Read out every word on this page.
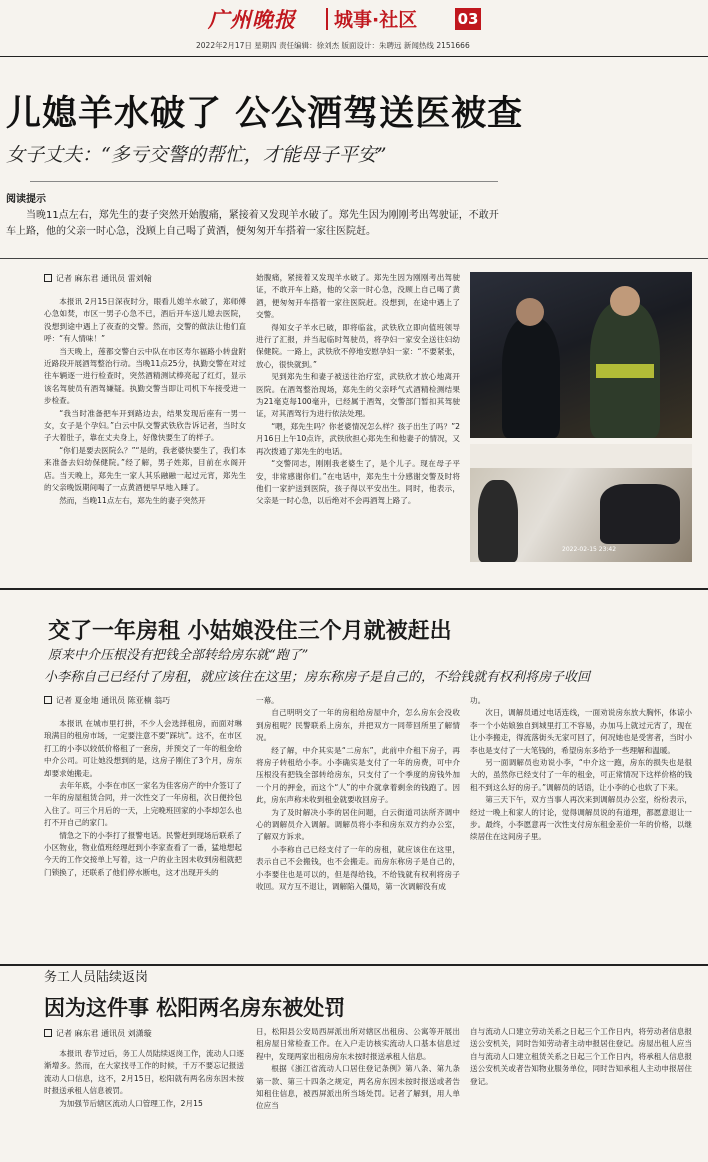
广州晚报 城事·社区	03
2022年2月17日 星期四 责任编辑：徐刘杰 版面设计：朱聘远 新闻热线 2151666
儿媳羊水破了 公公酒驾送医被查
女子丈夫：“多亏交警的帮忙，才能母子平安”
阅读提示
当晚11点左右，郑先生的妻子突然开始腹痛，紧接着又发现羊水破了。郑先生因为刚刚考出驾驶证，不敢开车上路，他的父亲一时心急，没顾上自己喝了黄酒，便匆匆开车搭着一家往医院赶。
记者 麻东君 通讯员 雷刘翰

本报讯 2月15日深夜时分，眼看儿媳羊水破了，郑师傅心急如焚，市区一男子心急不已，酒后开车送儿媳去医院，没想到途中遇上了夜查的交警。然而，交警的做法让他们直呼：“有人情味！”

当天晚上，莲都交警白云中队在市区寿尔福路小转盘附近路段开展酒驾整治行动。当晚11点25分，执勤交警在对过往车辆逐一进行检查时，突然酒精测试棒亮起了红灯，显示该名驾驶员有酒驾嫌疑。执勤交警当即让司机下车接受进一步检查。

“我当时准备把车开到路边去，结果发现后座有一男一女，女子是个孕妇。”白云中队交警武铁欣告诉记者，当时女子大着肚子，靠在丈夫身上，好像快要生了的样子。

“你们是要去医院么？”“是的，我老婆快要生了，我们本来准备去妇幼保健院。”经了解，男子姓郑，目前在水阁开店。当天晚上，郑先生一家人其乐融融一起过元宵，郑先生的父亲晚饭期间喝了一点黄酒便早早地入睡了。

然而，当晚11点左右，郑先生的妻子突然开

始腹痛，紧接着又发现羊水破了。郑先生因为刚刚考出驾驶证，不敢开车上路，他的父亲一时心急，没顾上自己喝了黄酒，便匆匆开车搭着一家往医院赶。没想到，在途中遇上了交警。

得知女子羊水已破，即将临盆，武铁欣立即向值班领导进行了汇报，并当起临时驾驶员，将孕妇一家安全送往妇幼保健院。一路上，武铁欣不停地安慰孕妇一家：“不要紧张，放心，很快就到。”

见到郑先生和妻子被送往治疗室，武铁欣才放心地离开医院。在酒驾整治现场，郑先生的父亲呼气式酒精检测结果为21毫克每100毫升，已经属于酒驾，交警部门暂扣其驾驶证，对其酒驾行为进行依法处理。

“喂，郑先生吗？你老婆情况怎么样？孩子出生了吗？”2月16日上午10点许，武铁欣担心郑先生和他妻子的情况，又再次拨通了郑先生的电话。

“交警同志，刚刚我老婆生了，是个儿子。现在母子平安，非常感谢你们。”在电话中，郑先生十分感谢交警及时将他们一家护送到医院，孩子得以平安出生。同时，他表示，父亲是一时心急，以后绝对不会再酒驾上路了。

2022-02-15 23:42
交了一年房租 小姑娘没住三个月就被赶出
原来中介压根没有把钱全部转给房东就“跑了”
小李称自己已经付了房租，就应该住在这里；房东称房子是自己的，不给钱就有权利将房子收回
记者 夏金地 通讯员 陈亚楠 翁巧

本报讯 在城市里打拼，不少人会选择租房，而面对琳琅满目的租房市场，一定要注意不要“踩坑”。这不，在市区打工的小李以较低价格租了一套房，并预交了一年的租金给中介公司。可让她没想到的是，这房子刚住了3个月，房东却要求她搬走。

去年年底，小李在市区一家名为佳客房产的中介签订了一年的房屋租赁合同，并一次性交了一年房租，次日便拎包入住了。可三个月后的一天，上完晚班回家的小李却怎么也打不开自己的家门。

情急之下的小李打了报警电话。民警赶到现场后联系了小区物业，物业值班经理赶到小李家查看了一番，猛地想起今天的工作交接单上写着，这一户的业主因未收到房租就把门锁换了，还联系了他们停水断电，这才出现开头的

一幕。

自己明明交了一年的房租给房屋中介，怎么房东会没收到房租呢？民警联系上房东，并把双方一同带回所里了解情况。

经了解，中介其实是“二房东”，此前中介租下房子，再将房子转租给小李。小李确实是支付了一年的房费，可中介压根没有把钱全部转给房东，只支付了一个季度的房钱外加一个月的押金，而这个“人”的中介就拿着剩余的钱跑了。因此，房东声称未收到租金就要收回房子。

为了及时解决小李的居住问题，白云街道司法所齐调中心的调解员介入调解。调解员将小李和房东双方约办公室，了解双方诉求。

小李称自己已经支付了一年的房租，就应该住在这里，表示自己不会搬钱，也不会搬走。而房东称房子是自己的，小李要住也是可以的，但是得给钱，不给钱就有权利将房子收回。双方互不退让，调解陷入僵局，第一次调解没有成

功。

次日，调解员通过电话连线，一面劝说房东放大胸怀，体谅小李一个小姑娘独自到城里打工不容易，办加马上就过元宵了，现在让小李搬走，得流落街头无家可回了，何况她也是受害者，当时小李也是支付了一大笔钱的，希望房东多给予一些理解和温暖。

另一面调解员也劝说小李，“中介这一跑，房东的损失也是很大的，虽然你已经支付了一年的租金，可正常情况下这样价格的钱租不到这么好的房子。”调解员的话语，让小李的心也软了下来。

第三天下午，双方当事人再次来到调解员办公室，纷纷表示，经过一晚上和家人的讨论，觉得调解员说的有道理，都愿意退让一步。最终，小李愿意再一次性支付房东租金差价一年的价格，以继续居住在这间房子里。

务工人员陆续返岗
因为这件事 松阳两名房东被处罚
记者 麻东君 通讯员 刘潇璇

本报讯 春节过后，务工人员陆续返岗工作，流动人口逐渐增多。然而，在大家找寻工作的时候，千万不要忘记报送流动人口信息，这不，2月15日，松阳就有两名房东因未按时报送承租人信息被罚。

为加强节后辖区流动人口管理工作，2月15

日，松阳县公安局西屏派出所对辖区出租房、公寓等开展出租房屋日常检查工作。在入户走访核实流动人口基本信息过程中，发现两家出租房房东未按时报送承租人信息。

根据《浙江省流动人口居住登记条例》第八条、第九条第一款、第三十四条之规定，两名房东因未按时报送或者告知租住信息，被西屏派出所当场处罚。记者了解到，用人单位应当

自与流动人口建立劳动关系之日起三个工作日内，将劳动者信息报送公安机关，同时告知劳动者主动申报居住登记。房屋出租人应当自与流动人口建立租赁关系之日起三个工作日内，将承租人信息报送公安机关或者告知物业服务单位，同时告知承租人主动申报居住登记。
